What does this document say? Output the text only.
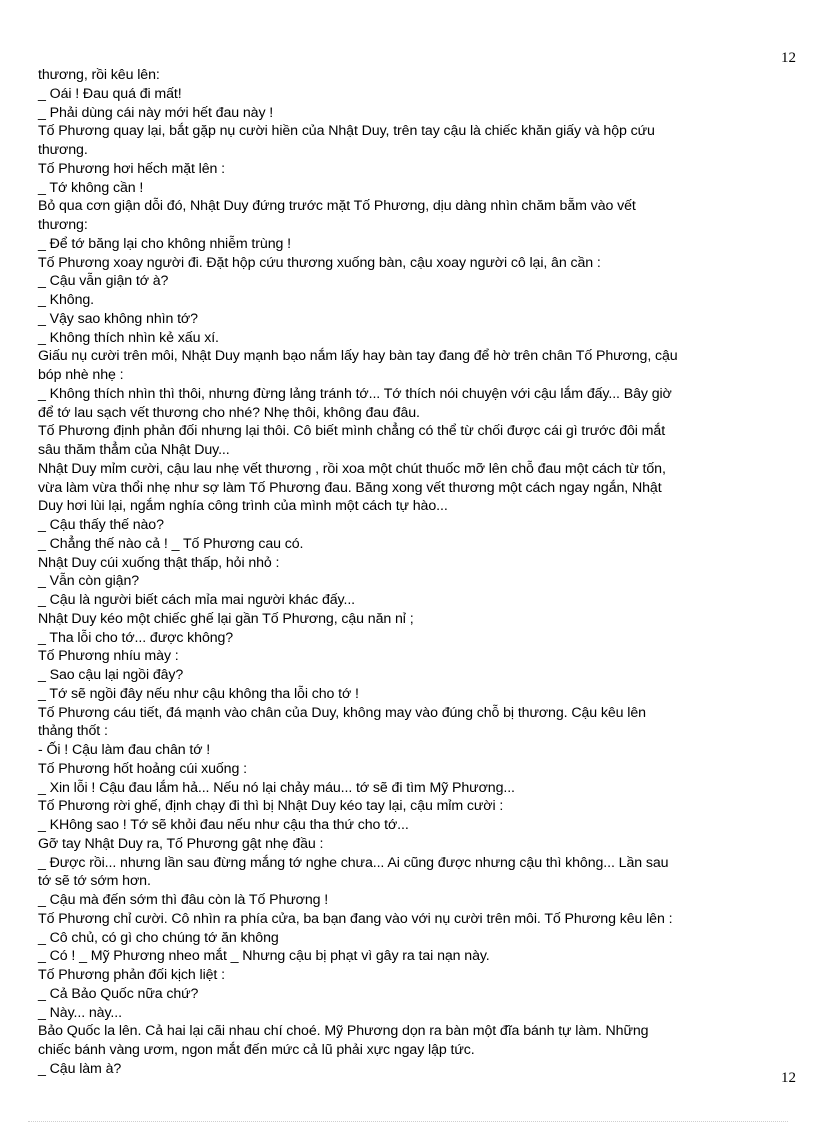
12

thương, rồi kêu lên:

_ Oái ! Đau quá đi mất!

_ Phải dùng cái này mới hết đau này !

Tố Phương quay lại, bắt gặp nụ cười hiền của Nhật Duy, trên tay cậu là chiếc khăn giấy và hộp cứu

thương.

Tố Phương hơi hếch mặt lên :

_ Tớ không cần !

Bỏ qua cơn giận dỗi đó, Nhật Duy đứng trước mặt Tố Phương, dịu dàng nhìn chăm bẵm vào vết

thương:

_ Để tớ băng lại cho không nhiễm trùng !

Tố Phương xoay người đi. Đặt hộp cứu thương xuống bàn, cậu xoay người cô lại, ân cần :

_ Cậu vẫn giận tớ à?

_ Không.

_ Vậy sao không nhìn tớ?

_ Không thích nhìn kẻ xấu xí.

Giấu nụ cười trên môi, Nhật Duy mạnh bạo nắm lấy hay bàn tay đang để hờ trên chân Tố Phương, cậu

bóp nhè nhẹ :

_ Không thích nhìn thì thôi, nhưng đừng lảng tránh tớ... Tớ thích nói chuyện với cậu lắm đấy... Bây giờ

để tớ lau sạch vết thương cho nhé? Nhẹ thôi, không đau đâu.

Tố Phương định phản đối nhưng lại thôi. Cô biết mình chẳng có thể từ chối được cái gì trước đôi mắt

sâu thăm thẳm của Nhật Duy...

Nhật Duy mỉm cười, cậu lau nhẹ vết thương , rồi xoa một chút thuốc mỡ lên chỗ đau một cách từ tốn,

vừa làm vừa thổi nhẹ như sợ làm Tố Phương đau. Băng xong vết thương một cách ngay ngắn, Nhật

Duy hơi lùi lại, ngắm nghía công trình của mình một cách tự hào...

_ Cậu thấy thế nào?

_ Chẳng thế nào cả ! _ Tố Phương cau có.

Nhật Duy cúi xuống thật thấp, hỏi nhỏ :

_ Vẫn còn giận?

_ Cậu là người biết cách mỉa mai người khác đấy...

Nhật Duy kéo một chiếc ghế lại gần Tố Phương, cậu năn nỉ ;

_ Tha lỗi cho tớ... được không?

Tố Phương nhíu mày :

_ Sao cậu lại ngồi đây?

_ Tớ sẽ ngồi đây nếu như cậu không tha lỗi cho tớ !

Tố Phương cáu tiết, đá mạnh vào chân của Duy, không may vào đúng chỗ bị thương. Cậu kêu lên

thảng thốt :

- Ối ! Cậu làm đau chân tớ !

Tố Phương hốt hoảng cúi xuống :

_ Xin lỗi ! Cậu đau lắm hả... Nếu nó lại chảy máu... tớ sẽ đi tìm Mỹ Phương...

Tố Phương rời ghế, định chạy đi thì bị Nhật Duy kéo tay lại, cậu mỉm cười :

_ KHông sao ! Tớ sẽ khỏi đau nếu như cậu tha thứ cho tớ...

Gỡ tay Nhật Duy ra, Tố Phương gật nhẹ đầu :

_ Được rồi... nhưng lần sau đừng mắng tớ nghe chưa... Ai cũng được nhưng cậu thì không... Lần sau

tớ sẽ tớ sớm hơn.

_ Cậu mà đến sớm thì đâu còn là Tố Phương !

Tố Phương chỉ cười. Cô nhìn ra phía cửa, ba bạn đang vào với nụ cười trên môi. Tố Phương kêu lên :

_ Cô chủ, có gì cho chúng tớ ăn không

_ Có ! _ Mỹ Phương nheo mắt _ Nhưng cậu bị phạt vì gây ra tai nạn này.

Tố Phương phản đối kịch liệt :

_ Cả Bảo Quốc nữa chứ?

_ Này... này...

Bảo Quốc la lên. Cả hai lại cãi nhau chí choé. Mỹ Phương dọn ra bàn một đĩa bánh tự làm. Những

chiếc bánh vàng ươm, ngon mắt đến mức cả lũ phải xực ngay lập tức.

_ Cậu làm à?

12
